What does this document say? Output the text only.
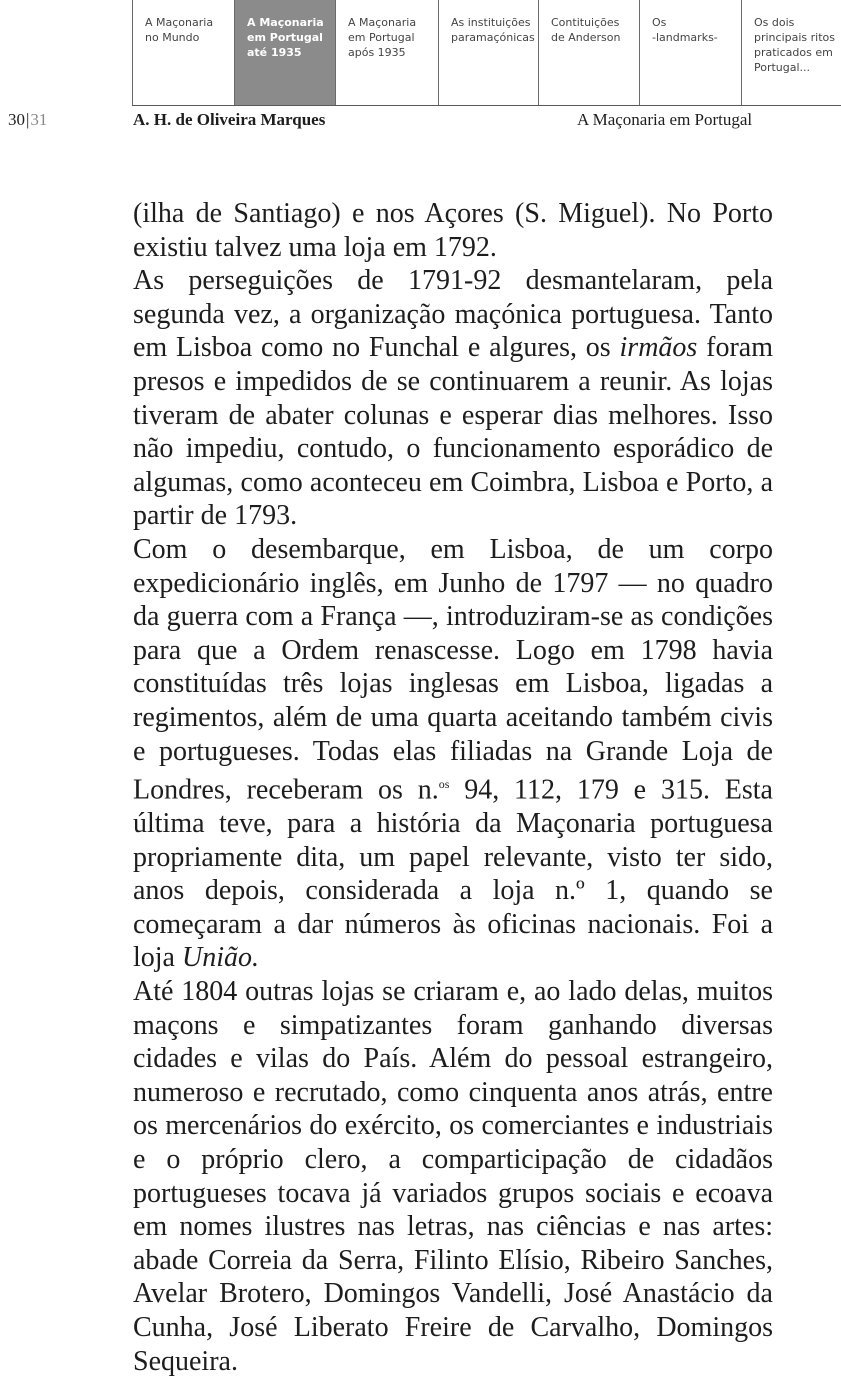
A Maçonaria
no Mundo
A Maçonaria
em Portugal
até 1935
A Maçonaria
em Portugal
após 1935
As instituições
paramaçónicas
Contituições
de Anderson
Os
-landmarks-
Os dois
principais ritos
praticados em
Portugal...
30|31	A. H. de Oliveira Marques	A Maçonaria em Portugal

(ilha de Santiago) e nos Açores (S. Miguel). No Porto existiu talvez uma loja em 1792.

As perseguições de 1791-92 desmantelaram, pela segunda vez, a organização maçónica portuguesa. Tanto em Lisboa como no Funchal e algures, os irmãos foram presos e impedidos de se continuarem a reunir. As lojas tiveram de abater colunas e esperar dias melhores. Isso não impediu, contudo, o funcionamento esporádico de algumas, como aconteceu em Coimbra, Lisboa e Porto, a partir de 1793.

Com o desembarque, em Lisboa, de um corpo expedicionário inglês, em Junho de 1797 — no quadro da guerra com a França —, introduziram-se as condições para que a Ordem renascesse. Logo em 1798 havia constituídas três lojas inglesas em Lisboa, ligadas a regimentos, além de uma quarta aceitando também civis e portugueses. Todas elas filiadas na Grande Loja de Londres, receberam os n.$^{os}$ 94, 112, 179 e 315. Esta última teve, para a história da Maçonaria portuguesa propriamente dita, um papel relevante, visto ter sido, anos depois, considerada a loja n.º 1, quando se começaram a dar números às oficinas nacionais. Foi a loja União.

Até 1804 outras lojas se criaram e, ao lado delas, muitos maçons e simpatizantes foram ganhando diversas cidades e vilas do País. Além do pessoal estrangeiro, numeroso e recrutado, como cinquenta anos atrás, entre os mercenários do exército, os comerciantes e industriais e o próprio clero, a comparticipação de cidadãos portugueses tocava já variados grupos sociais e ecoava em nomes ilustres nas letras, nas ciências e nas artes: abade Correia da Serra, Filinto Elísio, Ribeiro Sanches, Avelar Brotero, Domingos Vandelli, José Anastácio da Cunha, José Liberato Freire de Carvalho, Domingos Sequeira.
